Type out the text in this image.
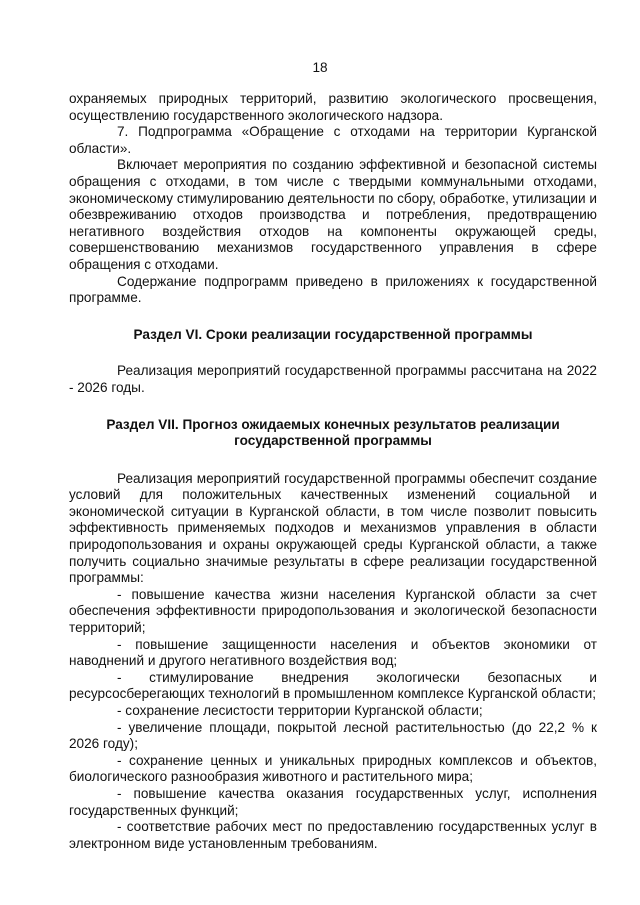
18

охраняемых природных территорий, развитию экологического просвещения, осуществлению государственного экологического надзора.

7. Подпрограмма «Обращение с отходами на территории Курганской области».

Включает мероприятия по созданию эффективной и безопасной системы обращения с отходами, в том числе с твердыми коммунальными отходами, экономическому стимулированию деятельности по сбору, обработке, утилизации и обезвреживанию отходов производства и потребления, предотвращению негативного воздействия отходов на компоненты окружающей среды, совершенствованию механизмов государственного управления в сфере обращения с отходами.

Содержание подпрограмм приведено в приложениях к государственной программе.

Раздел VI. Сроки реализации государственной программы

Реализация мероприятий государственной программы рассчитана на 2022 - 2026 годы.

Раздел VII. Прогноз ожидаемых конечных результатов реализации
государственной программы

Реализация мероприятий государственной программы обеспечит создание условий для положительных качественных изменений социальной и экономической ситуации в Курганской области, в том числе позволит повысить эффективность применяемых подходов и механизмов управления в области природопользования и охраны окружающей среды Курганской области, а также получить социально значимые результаты в сфере реализации государственной программы:

- повышение качества жизни населения Курганской области за счет обеспечения эффективности природопользования и экологической безопасности территорий;

- повышение защищенности населения и объектов экономики от наводнений и другого негативного воздействия вод;

- стимулирование внедрения экологически безопасных и ресурсосберегающих технологий в промышленном комплексе Курганской области;

- сохранение лесистости территории Курганской области;

- увеличение площади, покрытой лесной растительностью (до 22,2 % к 2026 году);

- сохранение ценных и уникальных природных комплексов и объектов, биологического разнообразия животного и растительного мира;

- повышение качества оказания государственных услуг, исполнения государственных функций;

- соответствие рабочих мест по предоставлению государственных услуг в электронном виде установленным требованиям.
